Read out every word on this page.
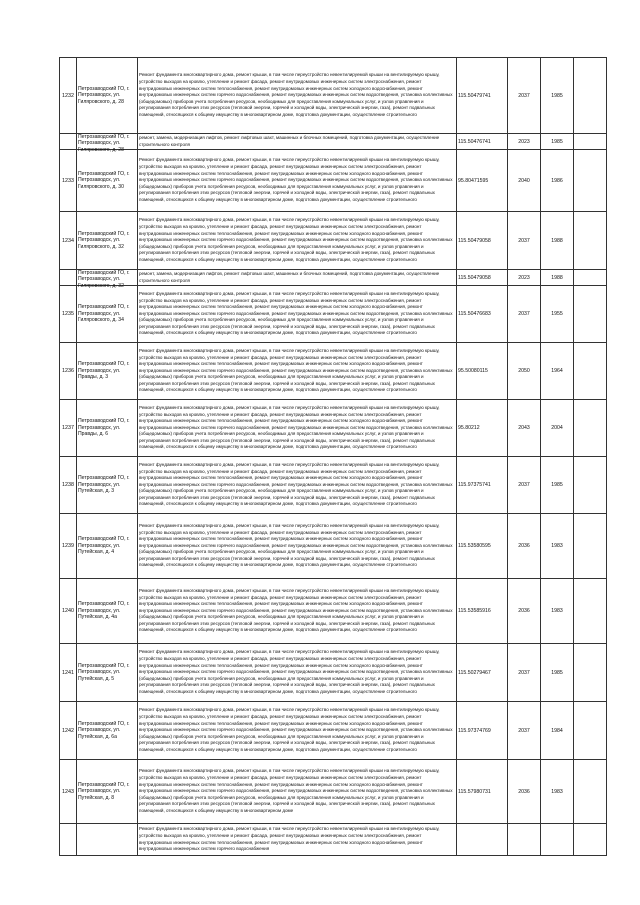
1232	Петрозаводский ГО, г. Петрозаводск, ул. Гиляровского, д. 28	Ремонт фундамента многоквартирного дома, ремонт крыши, в том числе переустройство невентилируемой крыши на вентилируемую крышу, устройство выходов на кровлю, утепление и ремонт фасада, ремонт внутридомовых инженерных систем электроснабжения, ремонт внутридомовых инженерных систем теплоснабжения, ремонт внутридомовых инженерных систем холодного водоснабжения, ремонт внутридомовых инженерных систем горячего водоснабжения, ремонт внутридомовых инженерных систем водоотведения, установка коллективных (общедомовых) приборов учета потребления ресурсов, необходимых для предоставления коммунальных услуг, и узлов управления и регулирования потребления этих ресурсов (тепловой энергии, горячей и холодной воды, электрической энергии, газа), ремонт подвальных помещений, относящихся к общему имуществу в многоквартирном доме, подготовка документации, осуществление строительного	115.50479741	2037	1985	

	Петрозаводский ГО, г. Петрозаводск, ул. Гиляровского, д. 28	ремонт, замена, модернизация лифтов, ремонт лифтовых шахт, машинных и блочных помещений, подготовка документации, осуществление строительного контроля	115.50476741	2023	1985	
1233	Петрозаводский ГО, г. Петрозаводск, ул. Гиляровского, д. 30	Ремонт фундамента многоквартирного дома, ремонт крыши, в том числе переустройство невентилируемой крыши на вентилируемую крышу, устройство выходов на кровлю, утепление и ремонт фасада, ремонт внутридомовых инженерных систем электроснабжения, ремонт внутридомовых инженерных систем теплоснабжения, ремонт внутридомовых инженерных систем холодного водоснабжения, ремонт внутридомовых инженерных систем горячего водоснабжения, ремонт внутридомовых инженерных систем водоотведения, установка коллективных (общедомовых) приборов учета потребления ресурсов, необходимых для предоставления коммунальных услуг, и узлов управления и регулирования потребления этих ресурсов (тепловой энергии, горячей и холодной воды, электрической энергии, газа), ремонт подвальных помещений, относящихся к общему имуществу в многоквартирном доме, подготовка документации, осуществление строительного	95.80471595	2040	1986	
1234	Петрозаводский ГО, г. Петрозаводск, ул. Гиляровского, д. 32	Ремонт фундамента многоквартирного дома, ремонт крыши, в том числе переустройство невентилируемой крыши на вентилируемую крышу, устройство выходов на кровлю, утепление и ремонт фасада, ремонт внутридомовых инженерных систем электроснабжения, ремонт внутридомовых инженерных систем теплоснабжения, ремонт внутридомовых инженерных систем холодного водоснабжения, ремонт внутридомовых инженерных систем горячего водоснабжения, ремонт внутридомовых инженерных систем водоотведения, установка коллективных (общедомовых) приборов учета потребления ресурсов, необходимых для предоставления коммунальных услуг, и узлов управления и регулирования потребления этих ресурсов (тепловой энергии, горячей и холодной воды, электрической энергии, газа), ремонт подвальных помещений, относящихся к общему имуществу в многоквартирном доме, подготовка документации, осуществление строительного	115.50479058	2037	1988	

	Петрозаводский ГО, г. Петрозаводск, ул. Гиляровского, д. 32	ремонт, замена, модернизация лифтов, ремонт лифтовых шахт, машинных и блочных помещений, подготовка документации, осуществление строительного контроля	115.50479058	2023	1988	
1235	Петрозаводский ГО, г. Петрозаводск, ул. Гиляровского, д. 34	Ремонт фундамента многоквартирного дома, ремонт крыши, в том числе переустройство невентилируемой крыши на вентилируемую крышу, устройство выходов на кровлю, утепление и ремонт фасада, ремонт внутридомовых инженерных систем электроснабжения, ремонт внутридомовых инженерных систем теплоснабжения, ремонт внутридомовых инженерных систем холодного водоснабжения, ремонт внутридомовых инженерных систем горячего водоснабжения, ремонт внутридомовых инженерных систем водоотведения, установка коллективных (общедомовых) приборов учета потребления ресурсов, необходимых для предоставления коммунальных услуг, и узлов управления и регулирования потребления этих ресурсов (тепловой энергии, горячей и холодной воды, электрической энергии, газа), ремонт подвальных помещений, относящихся к общему имуществу в многоквартирном доме, подготовка документации, осуществление строительного	115.50476683	2037	1955	
1236	Петрозаводский ГО, г. Петрозаводск, ул. Правды, д. 3	Ремонт фундамента многоквартирного дома, ремонт крыши, в том числе переустройство невентилируемой крыши на вентилируемую крышу, устройство выходов на кровлю, утепление и ремонт фасада, ремонт внутридомовых инженерных систем электроснабжения, ремонт внутридомовых инженерных систем теплоснабжения, ремонт внутридомовых инженерных систем холодного водоснабжения, ремонт внутридомовых инженерных систем горячего водоснабжения, ремонт внутридомовых инженерных систем водоотведения, установка коллективных (общедомовых) приборов учета потребления ресурсов, необходимых для предоставления коммунальных услуг, и узлов управления и регулирования потребления этих ресурсов (тепловой энергии, горячей и холодной воды, электрической энергии, газа), ремонт подвальных помещений, относящихся к общему имуществу в многоквартирном доме, подготовка документации, осуществление строительного	95.50080115	2050	1964	
1237	Петрозаводский ГО, г. Петрозаводск, ул. Правды, д. 6	Ремонт фундамента многоквартирного дома, ремонт крыши, в том числе переустройство невентилируемой крыши на вентилируемую крышу, устройство выходов на кровлю, утепление и ремонт фасада, ремонт внутридомовых инженерных систем электроснабжения, ремонт внутридомовых инженерных систем теплоснабжения, ремонт внутридомовых инженерных систем холодного водоснабжения, ремонт внутридомовых инженерных систем горячего водоснабжения, ремонт внутридомовых инженерных систем водоотведения, установка коллективных (общедомовых) приборов учета потребления ресурсов, необходимых для предоставления коммунальных услуг, и узлов управления и регулирования потребления этих ресурсов (тепловой энергии, горячей и холодной воды, электрической энергии, газа), ремонт подвальных помещений, относящихся к общему имуществу в многоквартирном доме, подготовка документации, осуществление строительного	95.80212	2043	2004	
1238	Петрозаводский ГО, г. Петрозаводск, ул. Путейская, д. 3	Ремонт фундамента многоквартирного дома, ремонт крыши, в том числе переустройство невентилируемой крыши на вентилируемую крышу, устройство выходов на кровлю, утепление и ремонт фасада, ремонт внутридомовых инженерных систем электроснабжения, ремонт внутридомовых инженерных систем теплоснабжения, ремонт внутридомовых инженерных систем холодного водоснабжения, ремонт внутридомовых инженерных систем горячего водоснабжения, ремонт внутридомовых инженерных систем водоотведения, установка коллективных (общедомовых) приборов учета потребления ресурсов, необходимых для предоставления коммунальных услуг, и узлов управления и регулирования потребления этих ресурсов (тепловой энергии, горячей и холодной воды, электрической энергии, газа), ремонт подвальных помещений, относящихся к общему имуществу в многоквартирном доме, подготовка документации, осуществление строительного	115.97375741	2037	1985	
1239	Петрозаводский ГО, г. Петрозаводск, ул. Путейская, д. 4	Ремонт фундамента многоквартирного дома, ремонт крыши, в том числе переустройство невентилируемой крыши на вентилируемую крышу, устройство выходов на кровлю, утепление и ремонт фасада, ремонт внутридомовых инженерных систем электроснабжения, ремонт внутридомовых инженерных систем теплоснабжения, ремонт внутридомовых инженерных систем холодного водоснабжения, ремонт внутридомовых инженерных систем горячего водоснабжения, ремонт внутридомовых инженерных систем водоотведения, установка коллективных (общедомовых) приборов учета потребления ресурсов, необходимых для предоставления коммунальных услуг, и узлов управления и регулирования потребления этих ресурсов (тепловой энергии, горячей и холодной воды, электрической энергии, газа), ремонт подвальных помещений, относящихся к общему имуществу в многоквартирном доме, подготовка документации, осуществление строительного	115.53580595	2036	1983	
1240	Петрозаводский ГО, г. Петрозаводск, ул. Путейская, д. 4а	Ремонт фундамента многоквартирного дома, ремонт крыши, в том числе переустройство невентилируемой крыши на вентилируемую крышу, устройство выходов на кровлю, утепление и ремонт фасада, ремонт внутридомовых инженерных систем электроснабжения, ремонт внутридомовых инженерных систем теплоснабжения, ремонт внутридомовых инженерных систем холодного водоснабжения, ремонт внутридомовых инженерных систем горячего водоснабжения, ремонт внутридомовых инженерных систем водоотведения, установка коллективных (общедомовых) приборов учета потребления ресурсов, необходимых для предоставления коммунальных услуг, и узлов управления и регулирования потребления этих ресурсов (тепловой энергии, горячей и холодной воды, электрической энергии, газа), ремонт подвальных помещений, относящихся к общему имуществу в многоквартирном доме, подготовка документации, осуществление строительного	115.53585916	2036	1983	
1241	Петрозаводский ГО, г. Петрозаводск, ул. Путейская, д. 5	Ремонт фундамента многоквартирного дома, ремонт крыши, в том числе переустройство невентилируемой крыши на вентилируемую крышу, устройство выходов на кровлю, утепление и ремонт фасада, ремонт внутридомовых инженерных систем электроснабжения, ремонт внутридомовых инженерных систем теплоснабжения, ремонт внутридомовых инженерных систем холодного водоснабжения, ремонт внутридомовых инженерных систем горячего водоснабжения, ремонт внутридомовых инженерных систем водоотведения, установка коллективных (общедомовых) приборов учета потребления ресурсов, необходимых для предоставления коммунальных услуг, и узлов управления и регулирования потребления этих ресурсов (тепловой энергии, горячей и холодной воды, электрической энергии, газа), ремонт подвальных помещений, относящихся к общему имуществу в многоквартирном доме, подготовка документации, осуществление строительного	115.50279467	2037	1985	
1242	Петрозаводский ГО, г. Петрозаводск, ул. Путейская, д. 6а	Ремонт фундамента многоквартирного дома, ремонт крыши, в том числе переустройство невентилируемой крыши на вентилируемую крышу, устройство выходов на кровлю, утепление и ремонт фасада, ремонт внутридомовых инженерных систем электроснабжения, ремонт внутридомовых инженерных систем теплоснабжения, ремонт внутридомовых инженерных систем холодного водоснабжения, ремонт внутридомовых инженерных систем горячего водоснабжения, ремонт внутридомовых инженерных систем водоотведения, установка коллективных (общедомовых) приборов учета потребления ресурсов, необходимых для предоставления коммунальных услуг, и узлов управления и регулирования потребления этих ресурсов (тепловой энергии, горячей и холодной воды, электрической энергии, газа), ремонт подвальных помещений, относящихся к общему имуществу в многоквартирном доме, подготовка документации, осуществление строительного	115.97374769	2037	1984	
1243	Петрозаводский ГО, г. Петрозаводск, ул. Путейская, д. 8	Ремонт фундамента многоквартирного дома, ремонт крыши, в том числе переустройство невентилируемой крыши на вентилируемую крышу, устройство выходов на кровлю, утепление и ремонт фасада, ремонт внутридомовых инженерных систем электроснабжения, ремонт внутридомовых инженерных систем теплоснабжения, ремонт внутридомовых инженерных систем холодного водоснабжения, ремонт внутридомовых инженерных систем горячего водоснабжения, ремонт внутридомовых инженерных систем водоотведения, установка коллективных (общедомовых) приборов учета потребления ресурсов, необходимых для предоставления коммунальных услуг, и узлов управления и регулирования потребления этих ресурсов (тепловой энергии, горячей и холодной воды, электрической энергии, газа), ремонт подвальных помещений, относящихся к общему имуществу в многоквартирном доме	115.57980731	2036	1983	

		Ремонт фундамента многоквартирного дома, ремонт крыши, в том числе переустройство невентилируемой крыши на вентилируемую крышу, устройство выходов на кровлю, утепление и ремонт фасада, ремонт внутридомовых инженерных систем электроснабжения, ремонт внутридомовых инженерных систем теплоснабжения, ремонт внутридомовых инженерных систем холодного водоснабжения, ремонт внутридомовых инженерных систем горячего водоснабжения				
